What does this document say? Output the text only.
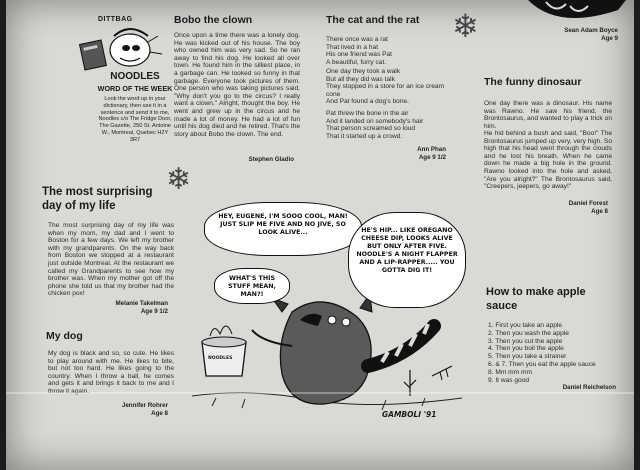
DITTBAG
NOODLES
WORD OF THE WEEK
Look the word up in your dictionary, then use it in a sentence and send it to me, Noodles c/o The Fridge Door, The Gazette, 250 St. Antoine W., Montreal, Quebec H2Y 3R7
Bobo the clown
Once upon a time there was a lonely dog. He was kicked out of his house. The boy who owned him was very sad. So he ran away to find his dog. He looked all over town. He found him in the silliest place, in a garbage can. He looked so funny in that garbage. Everyone took pictures of them. One person who was taking pictures said, "Why don't you go to the circus? I really want a clown." Alright, thought the boy. He went and grew up in the circus and he made a lot of money. He had a lot of fun until his dog died and he retired. That's the story about Bobo the clown. The end.
Stephen Gladio
The cat and the rat
There once was a rat
That lived in a hat
His one friend was Pat
A beautiful, furry cat.
One day they took a walk
But all they did was talk
They stopped in a store for an ice cream cone
And Pat found a dog's bone.
Pat threw the bone in the air
And it landed on somebody's hair
That person screamed so loud
That it started up a crowd.
Ann Phan
Age 9 1/2
❄
❄
Sean Adam Boyce
Age 9
The funny dinosaur
One day there was a dinosaur. His name was Rawno. He saw his friend, the Brontosaurus, and wanted to play a trick on him.
He hid behind a bush and said, "Boo!" The Brontosaurus jumped up very, very high. So high that his head went through the clouds and he lost his breath. When he came down he made a big hole in the ground. Rawno looked into the hole and asked, "Are you alright?" The Brontosaurus said, "Creepers, jeepers, go away!"
Daniel Forest
Age 8
The most surprising
day of my life
The most surprising day of my life was when my mom, my dad and I went to Boston for a few days. We left my brother with my grandparents. On the way back from Boston we stopped at a restaurant just outside Montreal. At the restaurant we called my Grandparents to see how my brother was. When my mother got off the phone she told us that my brother had the chicken pox!
Melanie Takelman
Age 9 1/2
My dog
My dog is black and so, so cute. He likes to play around with me. He likes to bite, but not too hard. He likes going to the country. When I throw a ball, he comes and gets it and brings it back to me and I
Jennifer Rohrer
Age 8
How to make apple
sauce
1. First you take an apple
2. Then you wash the apple
3. Then you cut the apple
4. Then you boil the apple
5. Then you take a strainer
6. & 7. Then you eat the apple sauce
8. Mm mm mm
9. It was good
Daniel Reichelson
HEY, EUGENE, I'M SOOO COOL, MAN! JUST SLIP ME FIVE AND NO JIVE, SO LOOK ALIVE...	HE'S HIP... LIKE OREGANO CHEESE DIP, LOOKS ALIVE BUT ONLY AFTER FIVE. NOODLE'S A NIGHT FLAPPER AND A LIP-RAPPER..... YOU GOTTA DIG IT!
WHAT'S THIS STUFF MEAN, MAN?!
NOODLES
GAMBOLI '91
